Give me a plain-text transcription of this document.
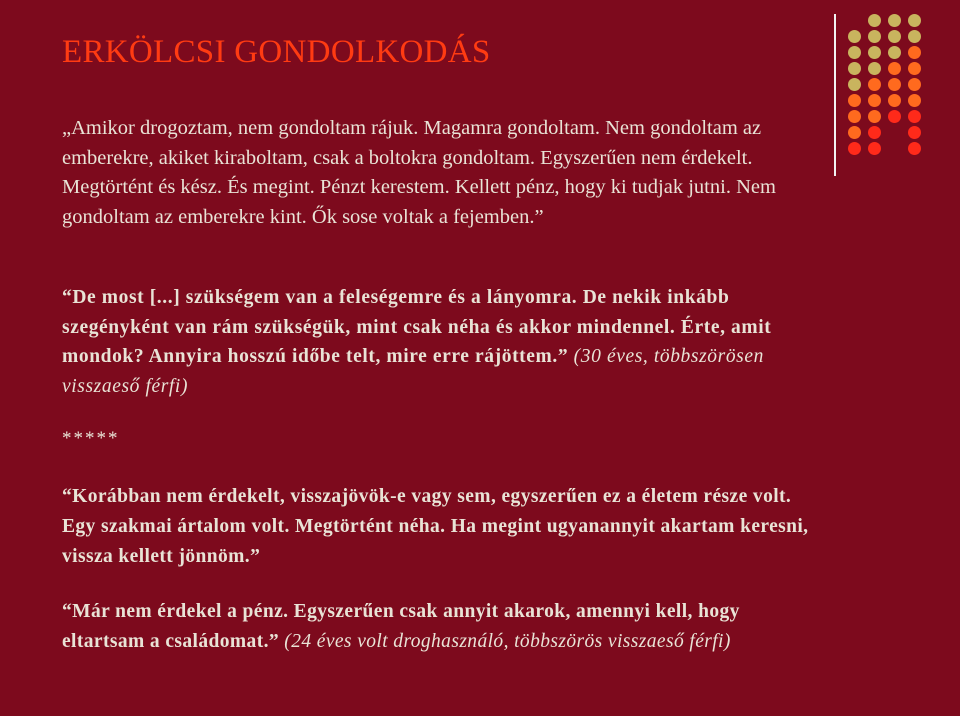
ERKÖLCSI GONDOLKODÁS

„Amikor drogoztam, nem gondoltam rájuk. Magamra gondoltam. Nem gondoltam az emberekre, akiket kiraboltam, csak a boltokra gondoltam. Egyszerűen nem érdekelt. Megtörtént és kész. És megint. Pénzt kerestem. Kellett pénz, hogy ki tudjak jutni. Nem gondoltam az emberekre kint. Ők sose voltak a fejemben.”

“De most [...] szükségem van a feleségemre és a lányomra. De nekik inkább szegényként van rám szükségük, mint csak néha és akkor mindennel. Érte, amit mondok? Annyira hosszú időbe telt, mire erre rájöttem.” (30 éves, többszörösen visszaeső férfi)

*****

“Korábban nem érdekelt, visszajövök-e vagy sem, egyszerűen ez a életem része volt. Egy szakmai ártalom volt. Megtörtént néha. Ha megint ugyanannyit akartam keresni, vissza kellett jönnöm.”

“Már nem érdekel a pénz. Egyszerűen csak annyit akarok, amennyi kell, hogy eltartsam a családomat.” (24 éves volt droghasználó, többszörös visszaeső férfi)
